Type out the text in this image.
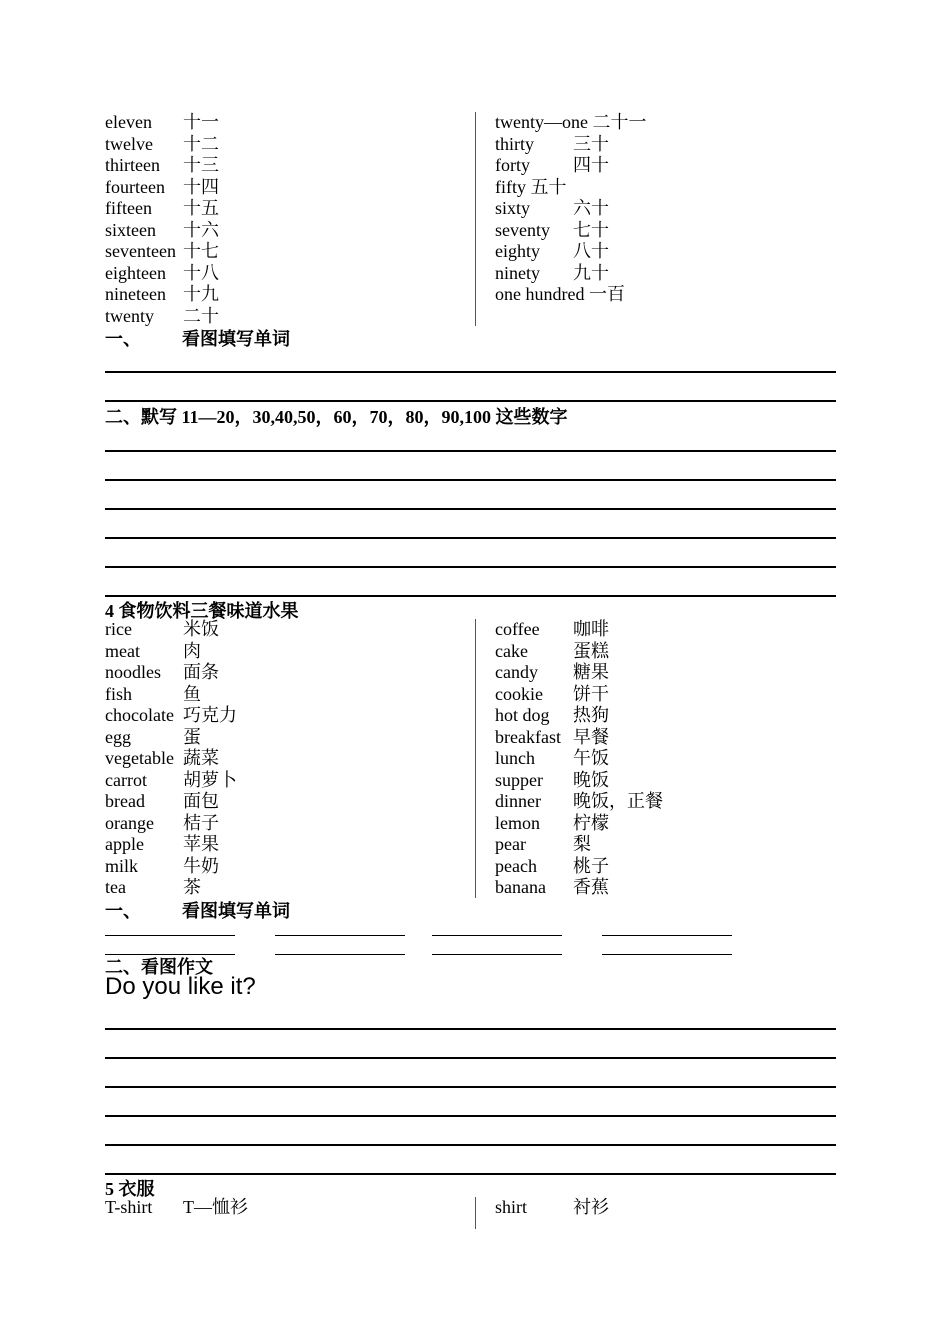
eleven 十一
twelve 十二
thirteen 十三
fourteen 十四
fifteen 十五
sixteen 十六
seventeen 十七
eighteen 十八
nineteen 十九
twenty 二十
twenty—one 二十一
thirty 三十
forty 四十
fifty 五十
sixty 六十
seventy 七十
eighty 八十
ninety 九十
one hundred 一百
一、 看图填写单词
二、默写 11—20，30,40,50，60，70，80，90,100 这些数字
4 食物饮料三餐味道水果
rice	米饭
meat 肉
noodles 面条
fish	鱼
chocolate 巧克力
egg	蛋
vegetable 蔬菜
carrot 胡萝卜
bread 面包
orange 桔子
apple 苹果
milk 牛奶
tea	茶
coffee 咖啡
cake	蛋糕
candy 糖果
cookie 饼干
hot dog 热狗
breakfast 早餐
lunch 午饭
supper 晚饭
dinner 晚饭，正餐
lemon 柠檬
pear	梨
peach 桃子
banana 香蕉
一、 看图填写单词
二、看图作文
Do you like it?
5 衣服
T-shirt T—恤衫	shirt	衬衫
